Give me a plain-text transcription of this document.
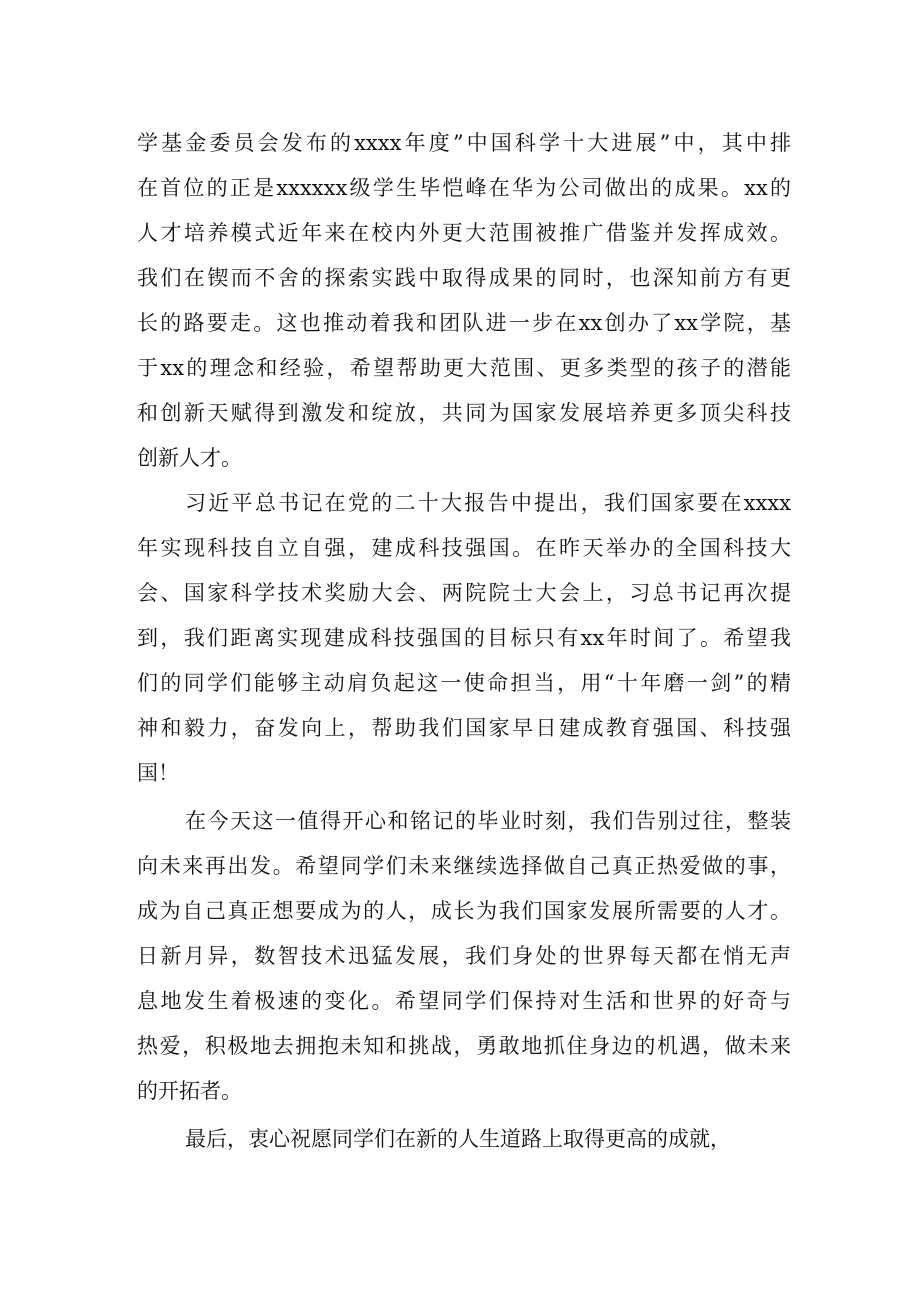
学基金委员会发布的xxxx年度”中国科学十大进展”中，其中排
在首位的正是xxxxxx级学生毕恺峰在华为公司做出的成果。xx的
人才培养模式近年来在校内外更大范围被推广借鉴并发挥成效。
我们在锲而不舍的探索实践中取得成果的同时，也深知前方有更
长的路要走。这也推动着我和团队进一步在xx创办了xx学院，基
于xx的理念和经验，希望帮助更大范围、更多类型的孩子的潜能
和创新天赋得到激发和绽放，共同为国家发展培养更多顶尖科技
创新人才。
习近平总书记在党的二十大报告中提出，我们国家要在xxxx
年实现科技自立自强，建成科技强国。在昨天举办的全国科技大
会、国家科学技术奖励大会、两院院士大会上，习总书记再次提
到，我们距离实现建成科技强国的目标只有xx年时间了。希望我
们的同学们能够主动肩负起这一使命担当，用“十年磨一剑”的精
神和毅力，奋发向上，帮助我们国家早日建成教育强国、科技强
国！
在今天这一值得开心和铭记的毕业时刻，我们告别过往，整装
向未来再出发。希望同学们未来继续选择做自己真正热爱做的事，
成为自己真正想要成为的人，成长为我们国家发展所需要的人才。
日新月异，数智技术迅猛发展，我们身处的世界每天都在悄无声
息地发生着极速的变化。希望同学们保持对生活和世界的好奇与
热爱，积极地去拥抱未知和挑战，勇敢地抓住身边的机遇，做未来
的开拓者。
最后，衷心祝愿同学们在新的人生道路上取得更高的成就，
